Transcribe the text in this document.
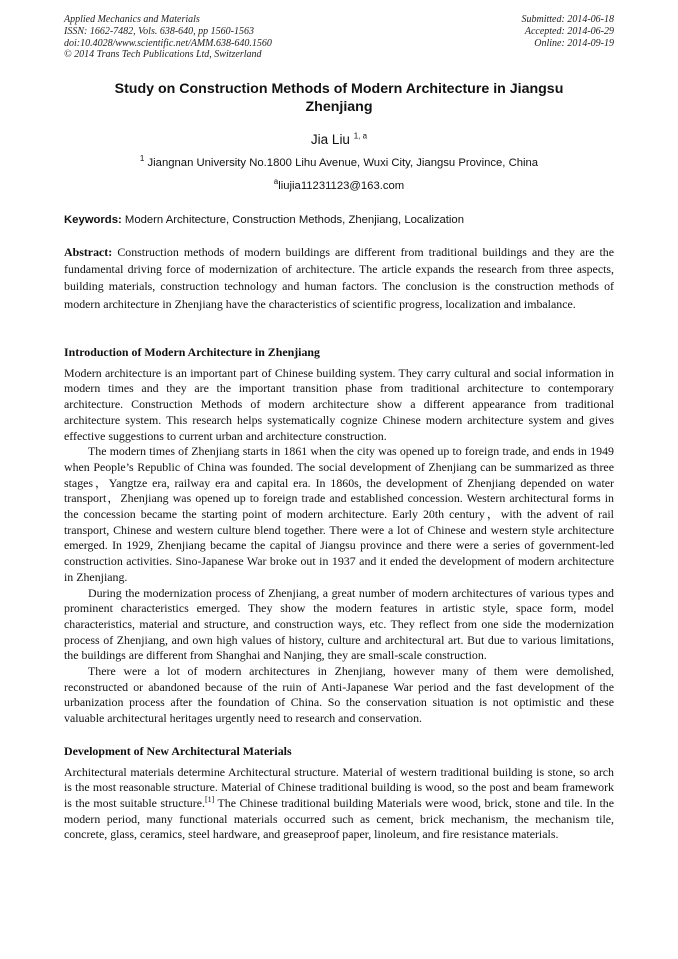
Applied Mechanics and Materials
ISSN: 1662-7482, Vols. 638-640, pp 1560-1563
doi:10.4028/www.scientific.net/AMM.638-640.1560
© 2014 Trans Tech Publications Ltd, Switzerland
Submitted: 2014-06-18
Accepted: 2014-06-29
Online: 2014-09-19
Study on Construction Methods of Modern Architecture in Jiangsu Zhenjiang
Jia Liu $^{1, a}$
$^1$ Jiangnan University No.1800 Lihu Avenue, Wuxi City, Jiangsu Province, China
$^a$liujia11231123@163.com
Keywords: Modern Architecture, Construction Methods, Zhenjiang, Localization
Abstract: Construction methods of modern buildings are different from traditional buildings and they are the fundamental driving force of modernization of architecture. The article expands the research from three aspects, building materials, construction technology and human factors. The conclusion is the construction methods of modern architecture in Zhenjiang have the characteristics of scientific progress, localization and imbalance.
Introduction of Modern Architecture in Zhenjiang

Modern architecture is an important part of Chinese building system. They carry cultural and social information in modern times and they are the important transition phase from traditional architecture to contemporary architecture. Construction Methods of modern architecture show a different appearance from traditional architecture system. This research helps systematically cognize Chinese modern architecture system and gives effective suggestions to current urban and architecture construction.

The modern times of Zhenjiang starts in 1861 when the city was opened up to foreign trade, and ends in 1949 when People’s Republic of China was founded. The social development of Zhenjiang can be summarized as three stages，Yangtze era, railway era and capital era. In 1860s, the development of Zhenjiang depended on water transport，Zhenjiang was opened up to foreign trade and established concession. Western architectural forms in the concession became the starting point of modern architecture. Early 20th century，with the advent of rail transport, Chinese and western culture blend together. There were a lot of Chinese and western style architecture emerged. In 1929, Zhenjiang became the capital of Jiangsu province and there were a series of government-led construction activities. Sino-Japanese War broke out in 1937 and it ended the development of modern architecture in Zhenjiang.

During the modernization process of Zhenjiang, a great number of modern architectures of various types and prominent characteristics emerged. They show the modern features in artistic style, space form, model characteristics, material and structure, and construction ways, etc. They reflect from one side the modernization process of Zhenjiang, and own high values of history, culture and architectural art. But due to various limitations, the buildings are different from Shanghai and Nanjing, they are small-scale construction.

There were a lot of modern architectures in Zhenjiang, however many of them were demolished, reconstructed or abandoned because of the ruin of Anti-Japanese War period and the fast development of the urbanization process after the foundation of China. So the conservation situation is not optimistic and these valuable architectural heritages urgently need to research and conservation.

Development of New Architectural Materials

Architectural materials determine Architectural structure. Material of western traditional building is stone, so arch is the most reasonable structure. Material of Chinese traditional building is wood, so the post and beam framework is the most suitable structure.[1] The Chinese traditional building Materials were wood, brick, stone and tile. In the modern period, many functional materials occurred such as cement, brick mechanism, the mechanism tile, concrete, glass, ceramics, steel hardware, and greaseproof paper, linoleum, and fire resistance materials.
